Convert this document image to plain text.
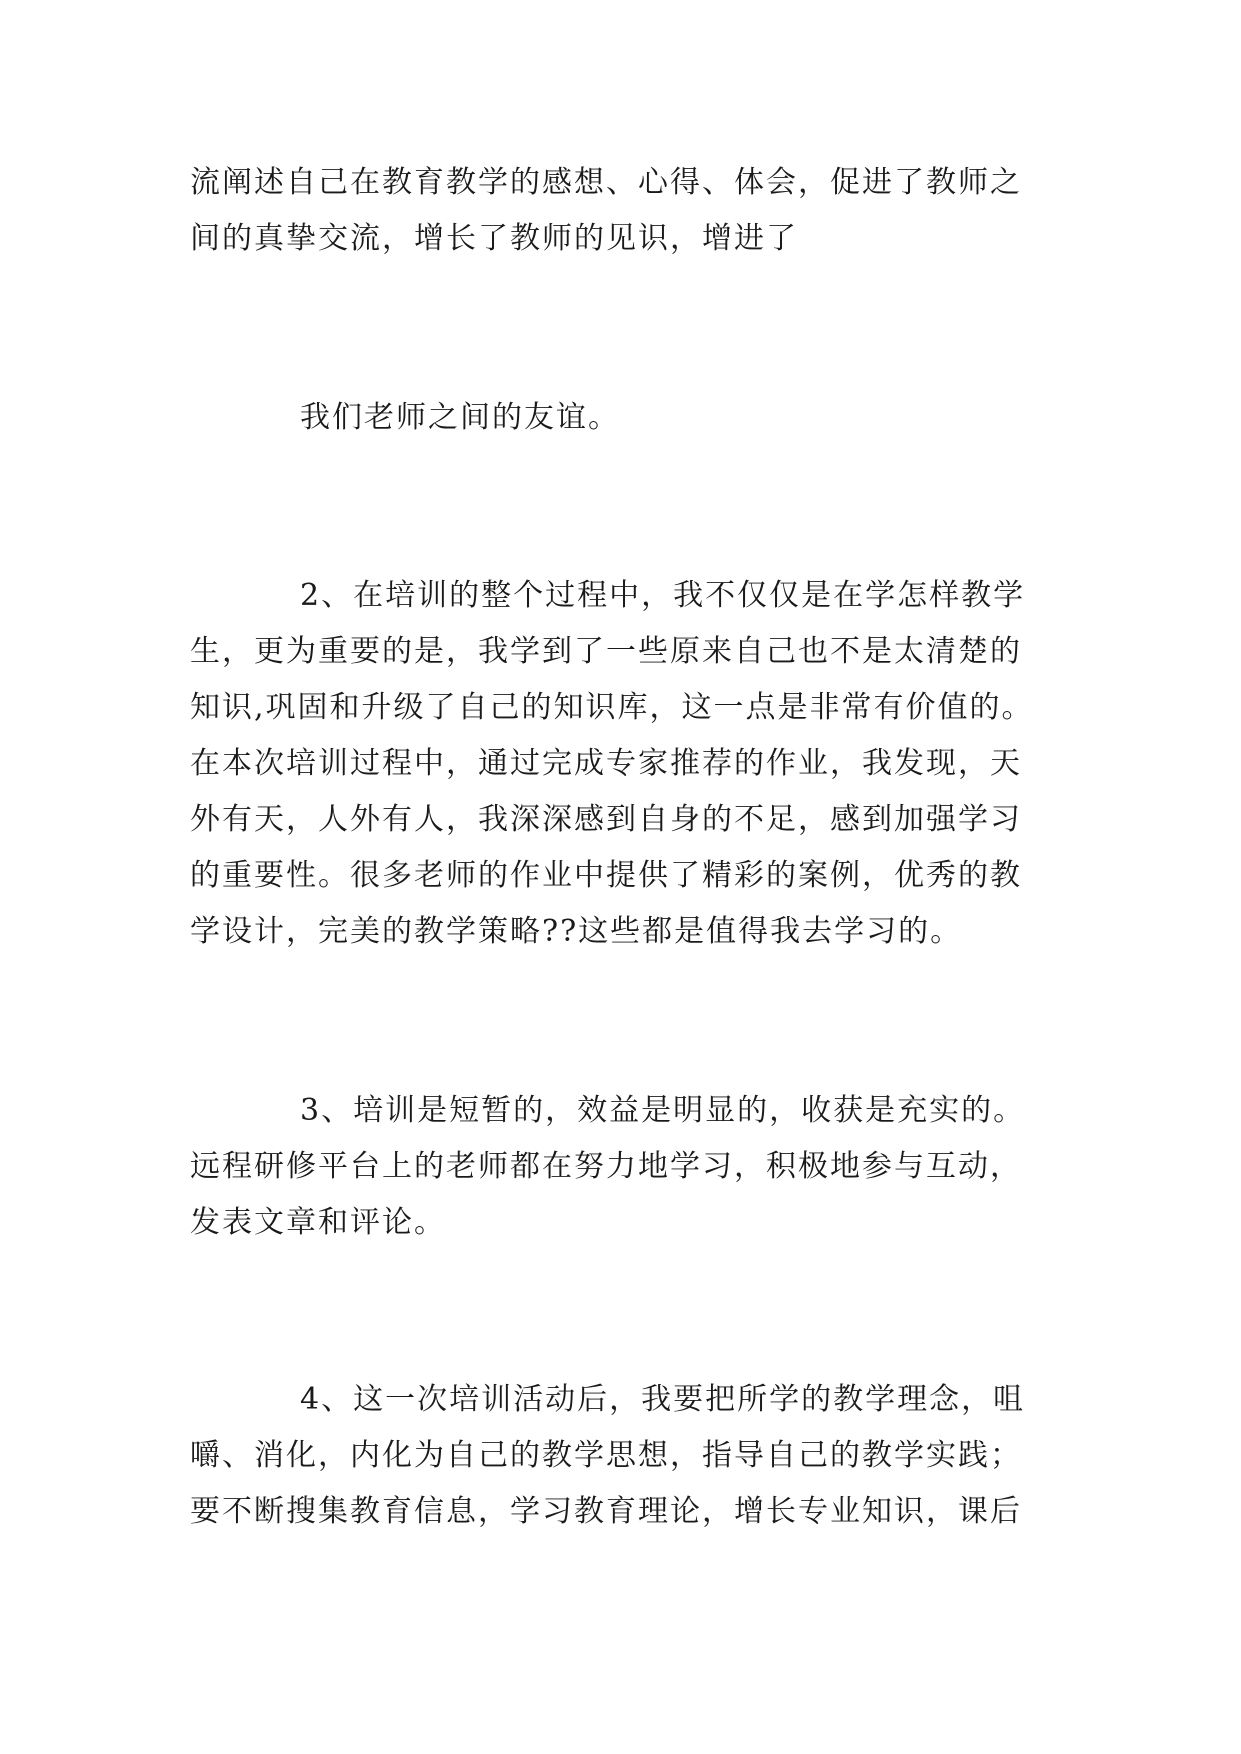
流阐述自己在教育教学的感想、心得、体会，促进了教师之
间的真挚交流，增长了教师的见识，增进了
我们老师之间的友谊。
2、在培训的整个过程中，我不仅仅是在学怎样教学
生，更为重要的是，我学到了一些原来自己也不是太清楚的
知识,巩固和升级了自己的知识库，这一点是非常有价值的。
在本次培训过程中，通过完成专家推荐的作业，我发现，天
外有天，人外有人，我深深感到自身的不足，感到加强学习
的重要性。很多老师的作业中提供了精彩的案例，优秀的教
学设计，完美的教学策略??这些都是值得我去学习的。
3、培训是短暂的，效益是明显的，收获是充实的。
远程研修平台上的老师都在努力地学习，积极地参与互动，
发表文章和评论。
4、这一次培训活动后，我要把所学的教学理念，咀
嚼、消化，内化为自己的教学思想，指导自己的教学实践；
要不断搜集教育信息，学习教育理论，增长专业知识，课后
